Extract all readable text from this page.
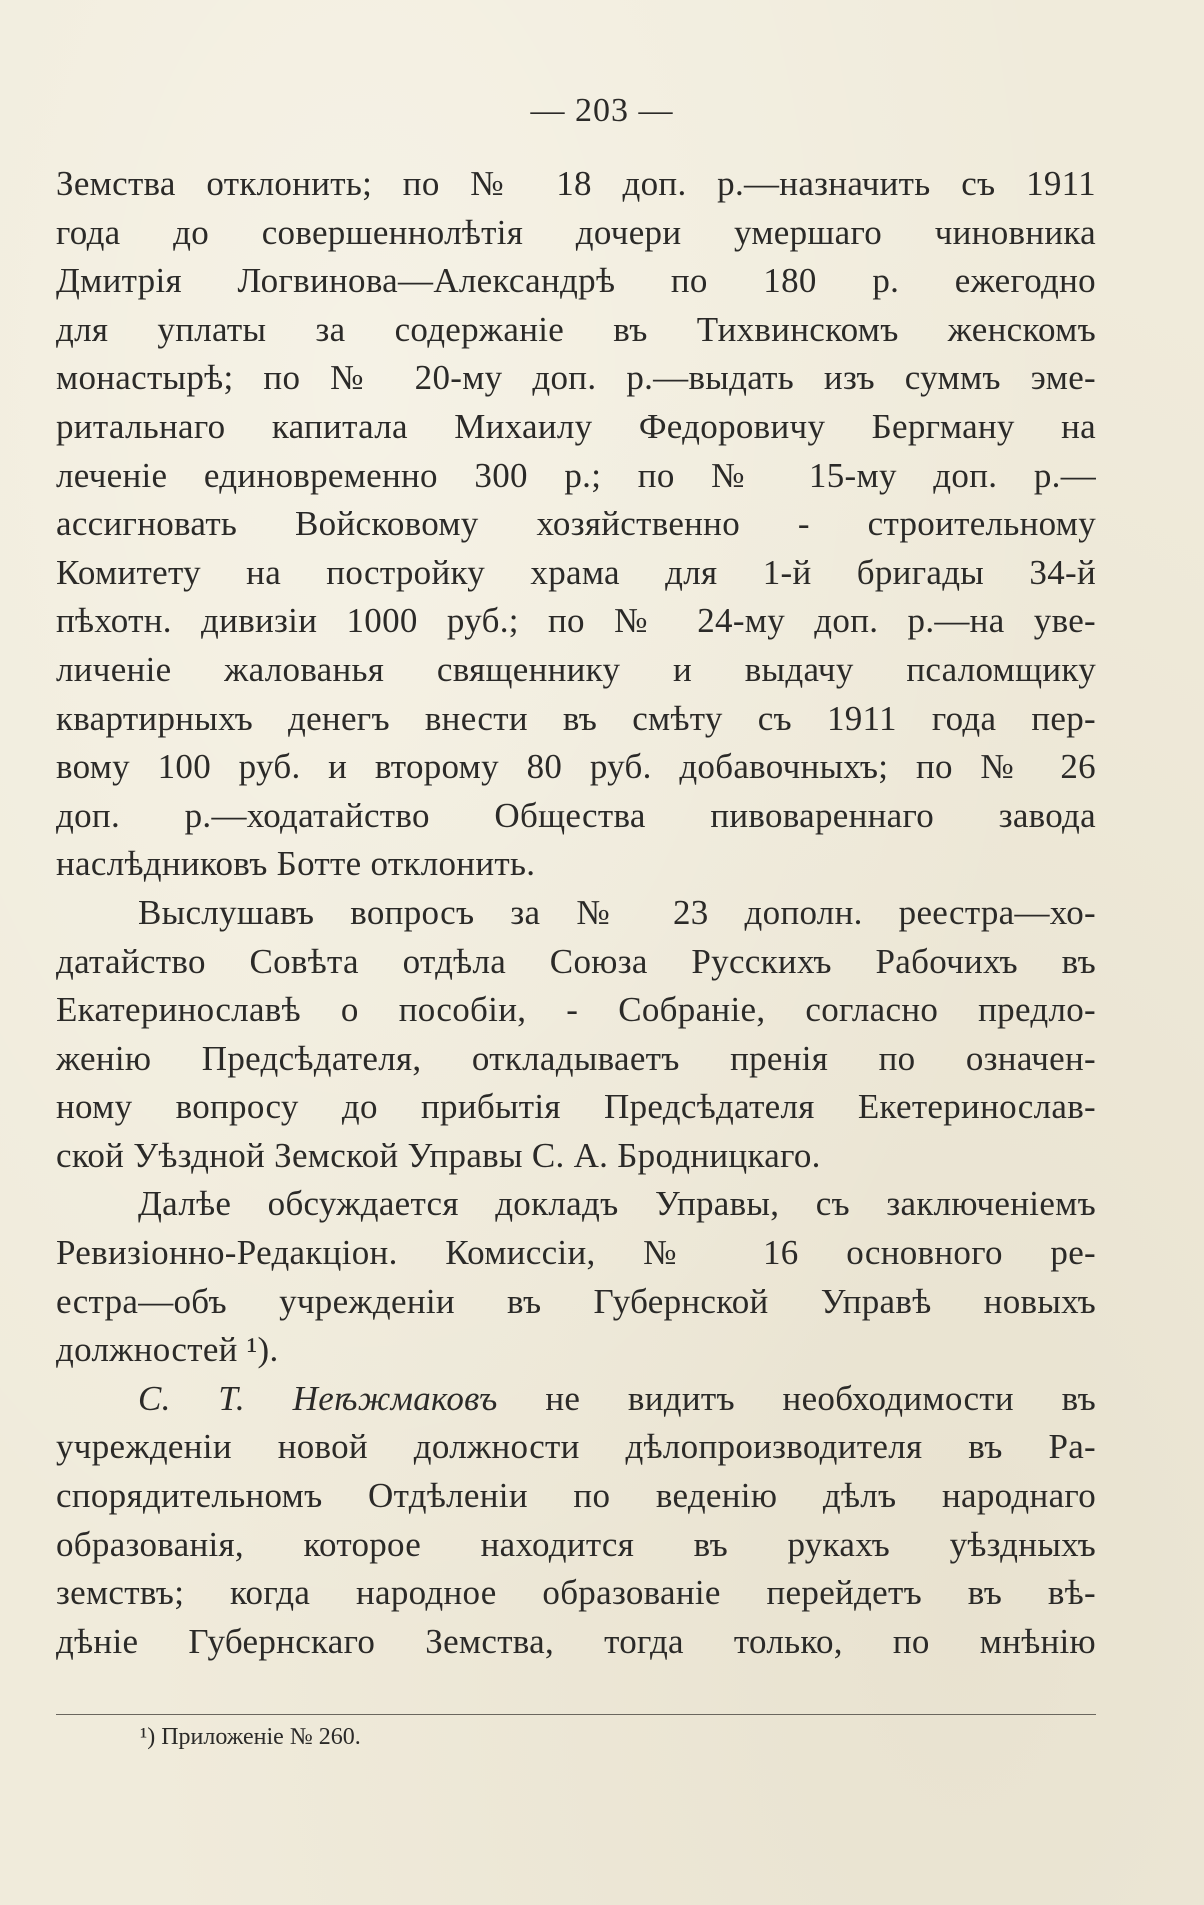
— 203 —
Земства отклонить; по № 18 доп. р.—назначить съ 1911
года до совершеннолѣтія дочери умершаго чиновника
Дмитрія Логвинова—Александрѣ по 180 р. ежегодно
для уплаты за содержаніе въ Тихвинскомъ женскомъ
монастырѣ; по № 20-му доп. р.—выдать изъ суммъ эме-
ритальнаго капитала Михаилу Федоровичу Бергману на
леченіе единовременно 300 р.; по № 15-му доп. р.—
ассигновать Войсковому хозяйственно - строительному
Комитету на постройку храма для 1-й бригады 34-й
пѣхотн. дивизіи 1000 руб.; по № 24-му доп. р.—на уве-
личеніе жалованья священнику и выдачу псаломщику
квартирныхъ денегъ внести въ смѣту съ 1911 года пер-
вому 100 руб. и второму 80 руб. добавочныхъ; по № 26
доп. р.—ходатайство Общества пивовареннаго завода
наслѣдниковъ Ботте отклонить.
Выслушавъ вопросъ за № 23 дополн. реестра—хо-
датайство Совѣта отдѣла Союза Русскихъ Рабочихъ въ
Екатеринославѣ о пособіи, - Собраніе, согласно предло-
женію Предсѣдателя, откладываетъ пренія по означен-
ному вопросу до прибытія Предсѣдателя Екетеринослав-
ской Уѣздной Земской Управы С. А. Бродницкаго.
Далѣе обсуждается докладъ Управы, съ заключеніемъ
Ревизіонно-Редакціон. Комиссіи, № 16 основного ре-
естра—объ учрежденіи въ Губернской Управѣ новыхъ
должностей ¹).
С. Т. Неѣжмаковъ не видитъ необходимости въ
учрежденіи новой должности дѣлопроизводителя въ Ра-
спорядительномъ Отдѣленіи по веденію дѣлъ народнаго
образованія, которое находится въ рукахъ уѣздныхъ
земствъ; когда народное образованіе перейдетъ въ вѣ-
дѣніе Губернскаго Земства, тогда только, по мнѣнію
¹) Приложеніе № 260.
